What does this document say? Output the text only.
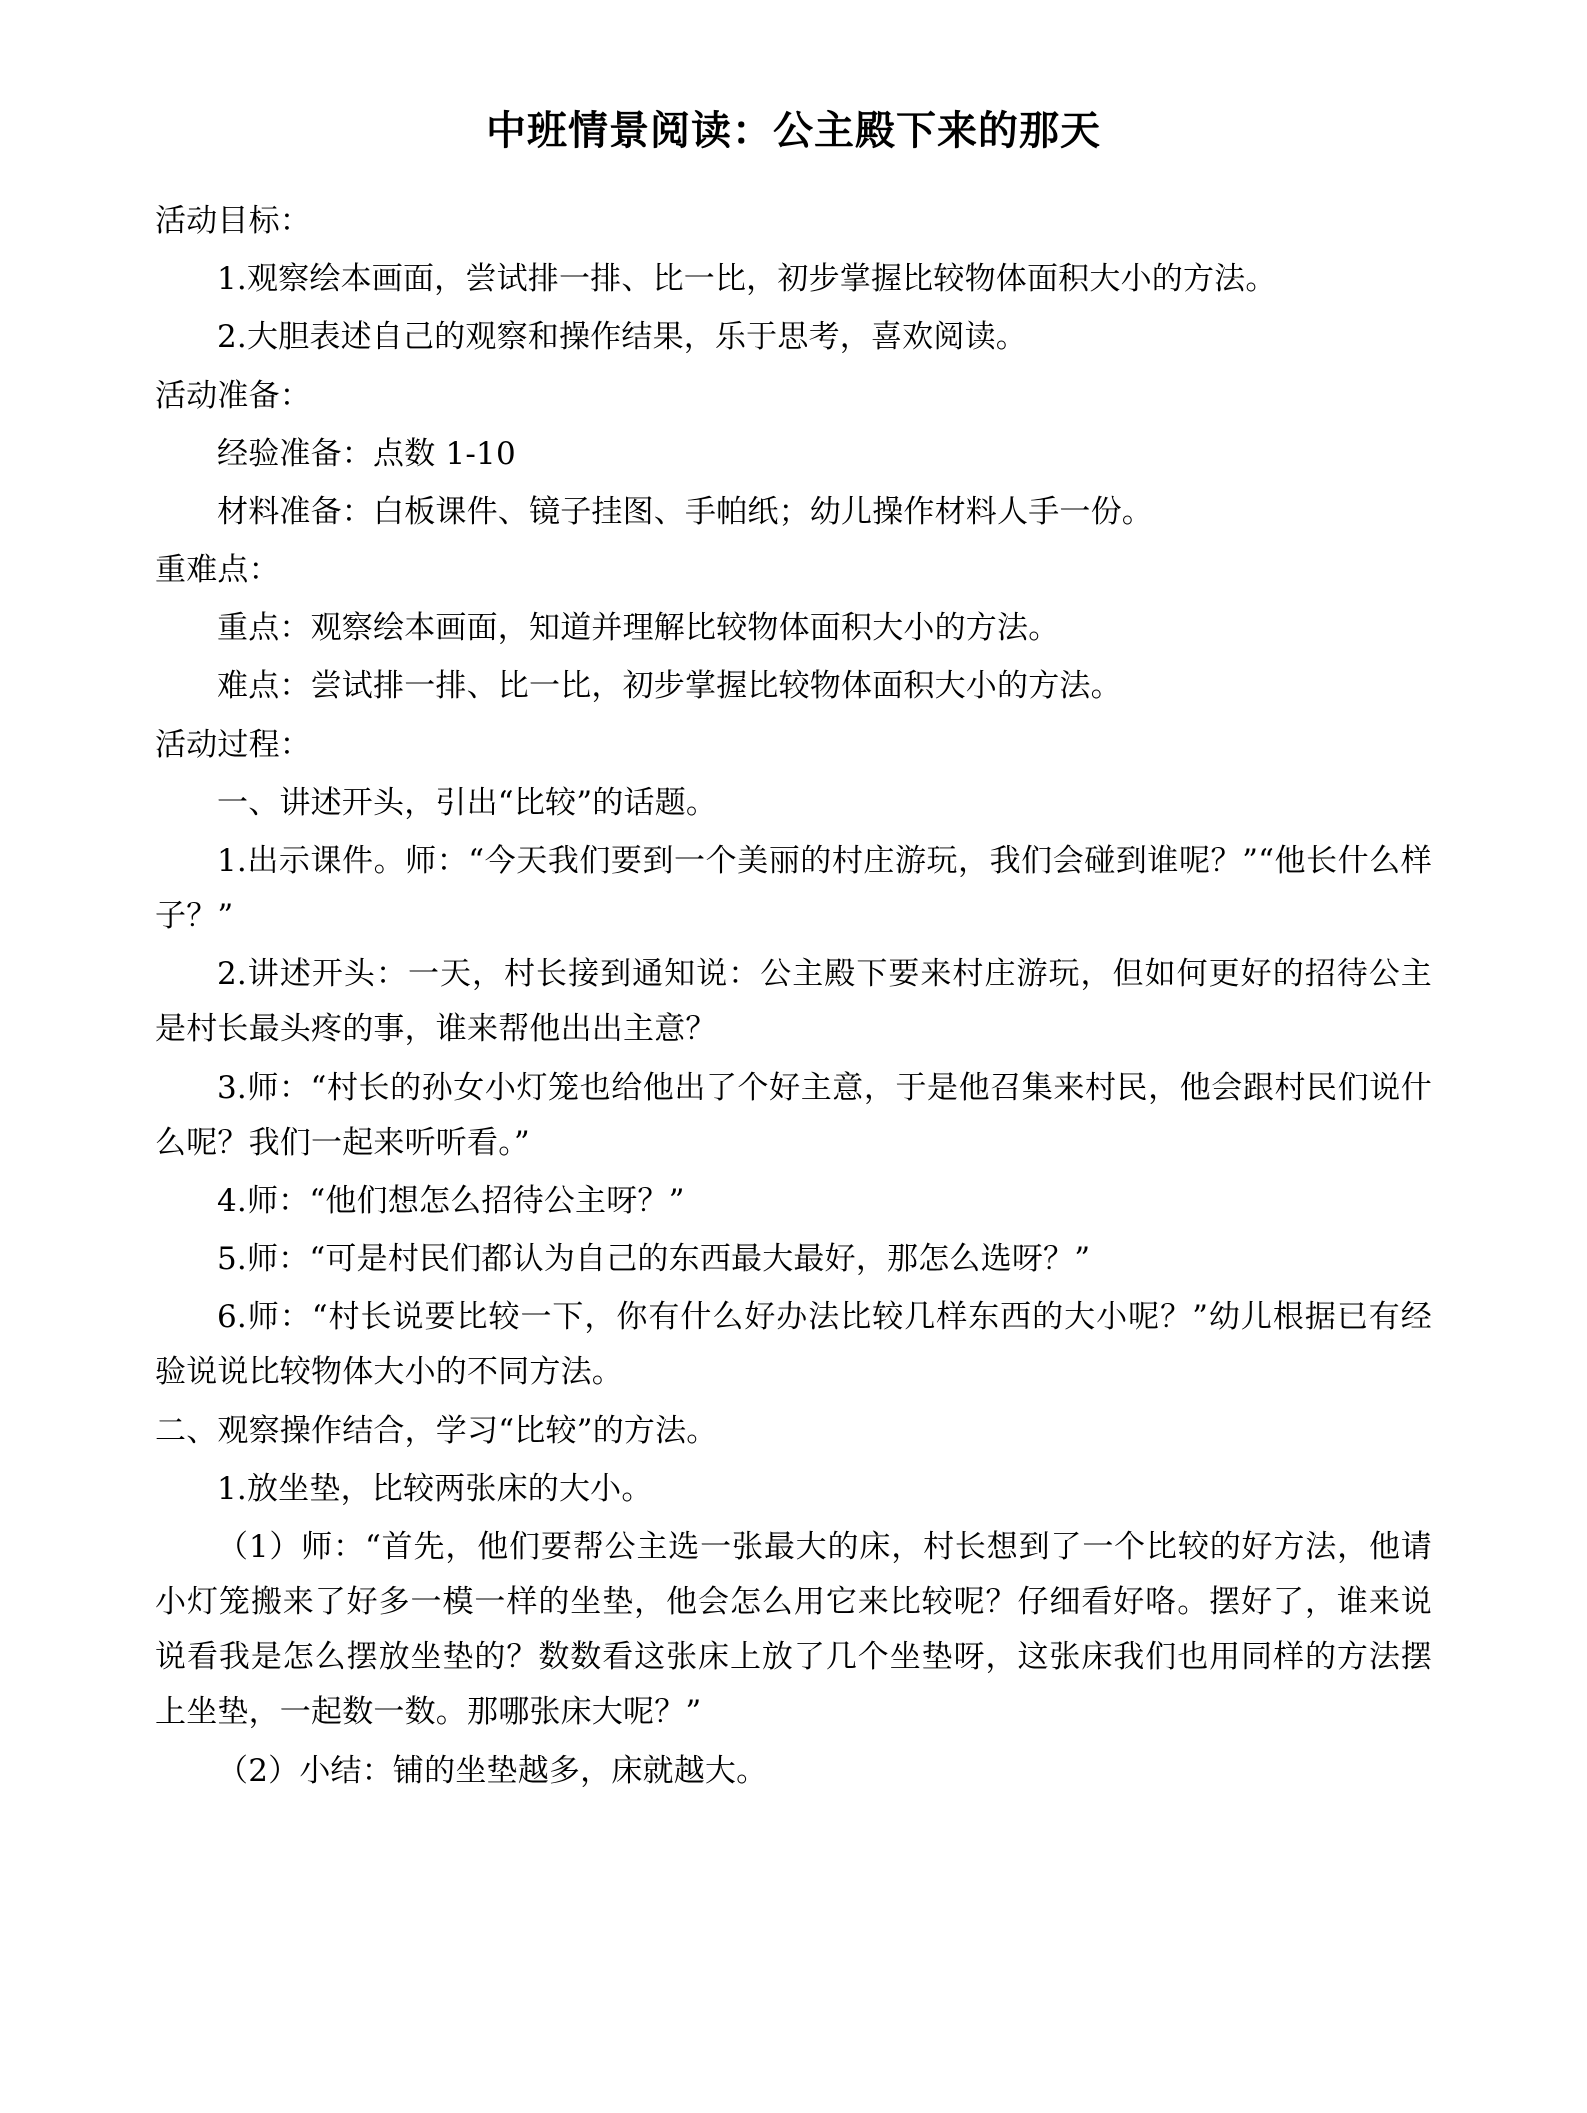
中班情景阅读：公主殿下来的那天

活动目标：

1.观察绘本画面，尝试排一排、比一比，初步掌握比较物体面积大小的方法。

2.大胆表述自己的观察和操作结果，乐于思考，喜欢阅读。

活动准备：

经验准备：点数 1-10

材料准备：白板课件、镜子挂图、手帕纸；幼儿操作材料人手一份。

重难点：

重点：观察绘本画面，知道并理解比较物体面积大小的方法。

难点：尝试排一排、比一比，初步掌握比较物体面积大小的方法。

活动过程：

一、讲述开头，引出“比较”的话题。

1.出示课件。师：“今天我们要到一个美丽的村庄游玩，我们会碰到谁呢？”“他长什么样子？”

2.讲述开头：一天，村长接到通知说：公主殿下要来村庄游玩，但如何更好的招待公主是村长最头疼的事，谁来帮他出出主意？

3.师：“村长的孙女小灯笼也给他出了个好主意，于是他召集来村民，他会跟村民们说什么呢？我们一起来听听看。”

4.师：“他们想怎么招待公主呀？”

5.师：“可是村民们都认为自己的东西最大最好，那怎么选呀？”

6.师：“村长说要比较一下，你有什么好办法比较几样东西的大小呢？”幼儿根据已有经验说说比较物体大小的不同方法。

二、观察操作结合，学习“比较”的方法。

1.放坐垫，比较两张床的大小。

（1）师：“首先，他们要帮公主选一张最大的床，村长想到了一个比较的好方法，他请小灯笼搬来了好多一模一样的坐垫，他会怎么用它来比较呢？仔细看好咯。摆好了，谁来说说看我是怎么摆放坐垫的？数数看这张床上放了几个坐垫呀，这张床我们也用同样的方法摆上坐垫，一起数一数。那哪张床大呢？”

（2）小结：铺的坐垫越多，床就越大。
